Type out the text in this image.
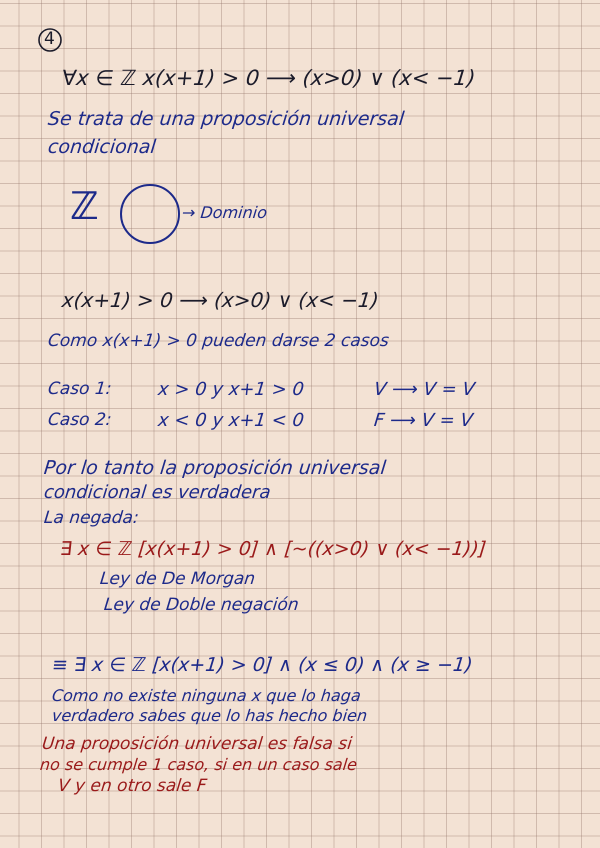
4
∀x ∈ ℤ x(x+1) > 0 ⟶ (x>0) ∨ (x< −1)
Se trata de una proposición universal
condicional
ℤ	→ Dominio
x(x+1) > 0 ⟶ (x>0) ∨ (x< −1)
Como x(x+1) > 0 pueden darse 2 casos
Caso 1: x > 0 y x+1 > 0	V ⟶ V = V
Caso 2: x < 0 y x+1 < 0	F ⟶ V = V
Por lo tanto la proposición universal
condicional es verdadera
La negada:
∃ x ∈ ℤ [x(x+1) > 0] ∧ [~((x>0) ∨ (x< −1))]
Ley de De Morgan
Ley de Doble negación
≡ ∃ x ∈ ℤ [x(x+1) > 0] ∧ (x ≤ 0) ∧ (x ≥ −1)
Como no existe ninguna x que lo haga
verdadero sabes que lo has hecho bien
Una proposición universal es falsa si
no se cumple 1 caso, si en un caso sale
V y en otro sale F
